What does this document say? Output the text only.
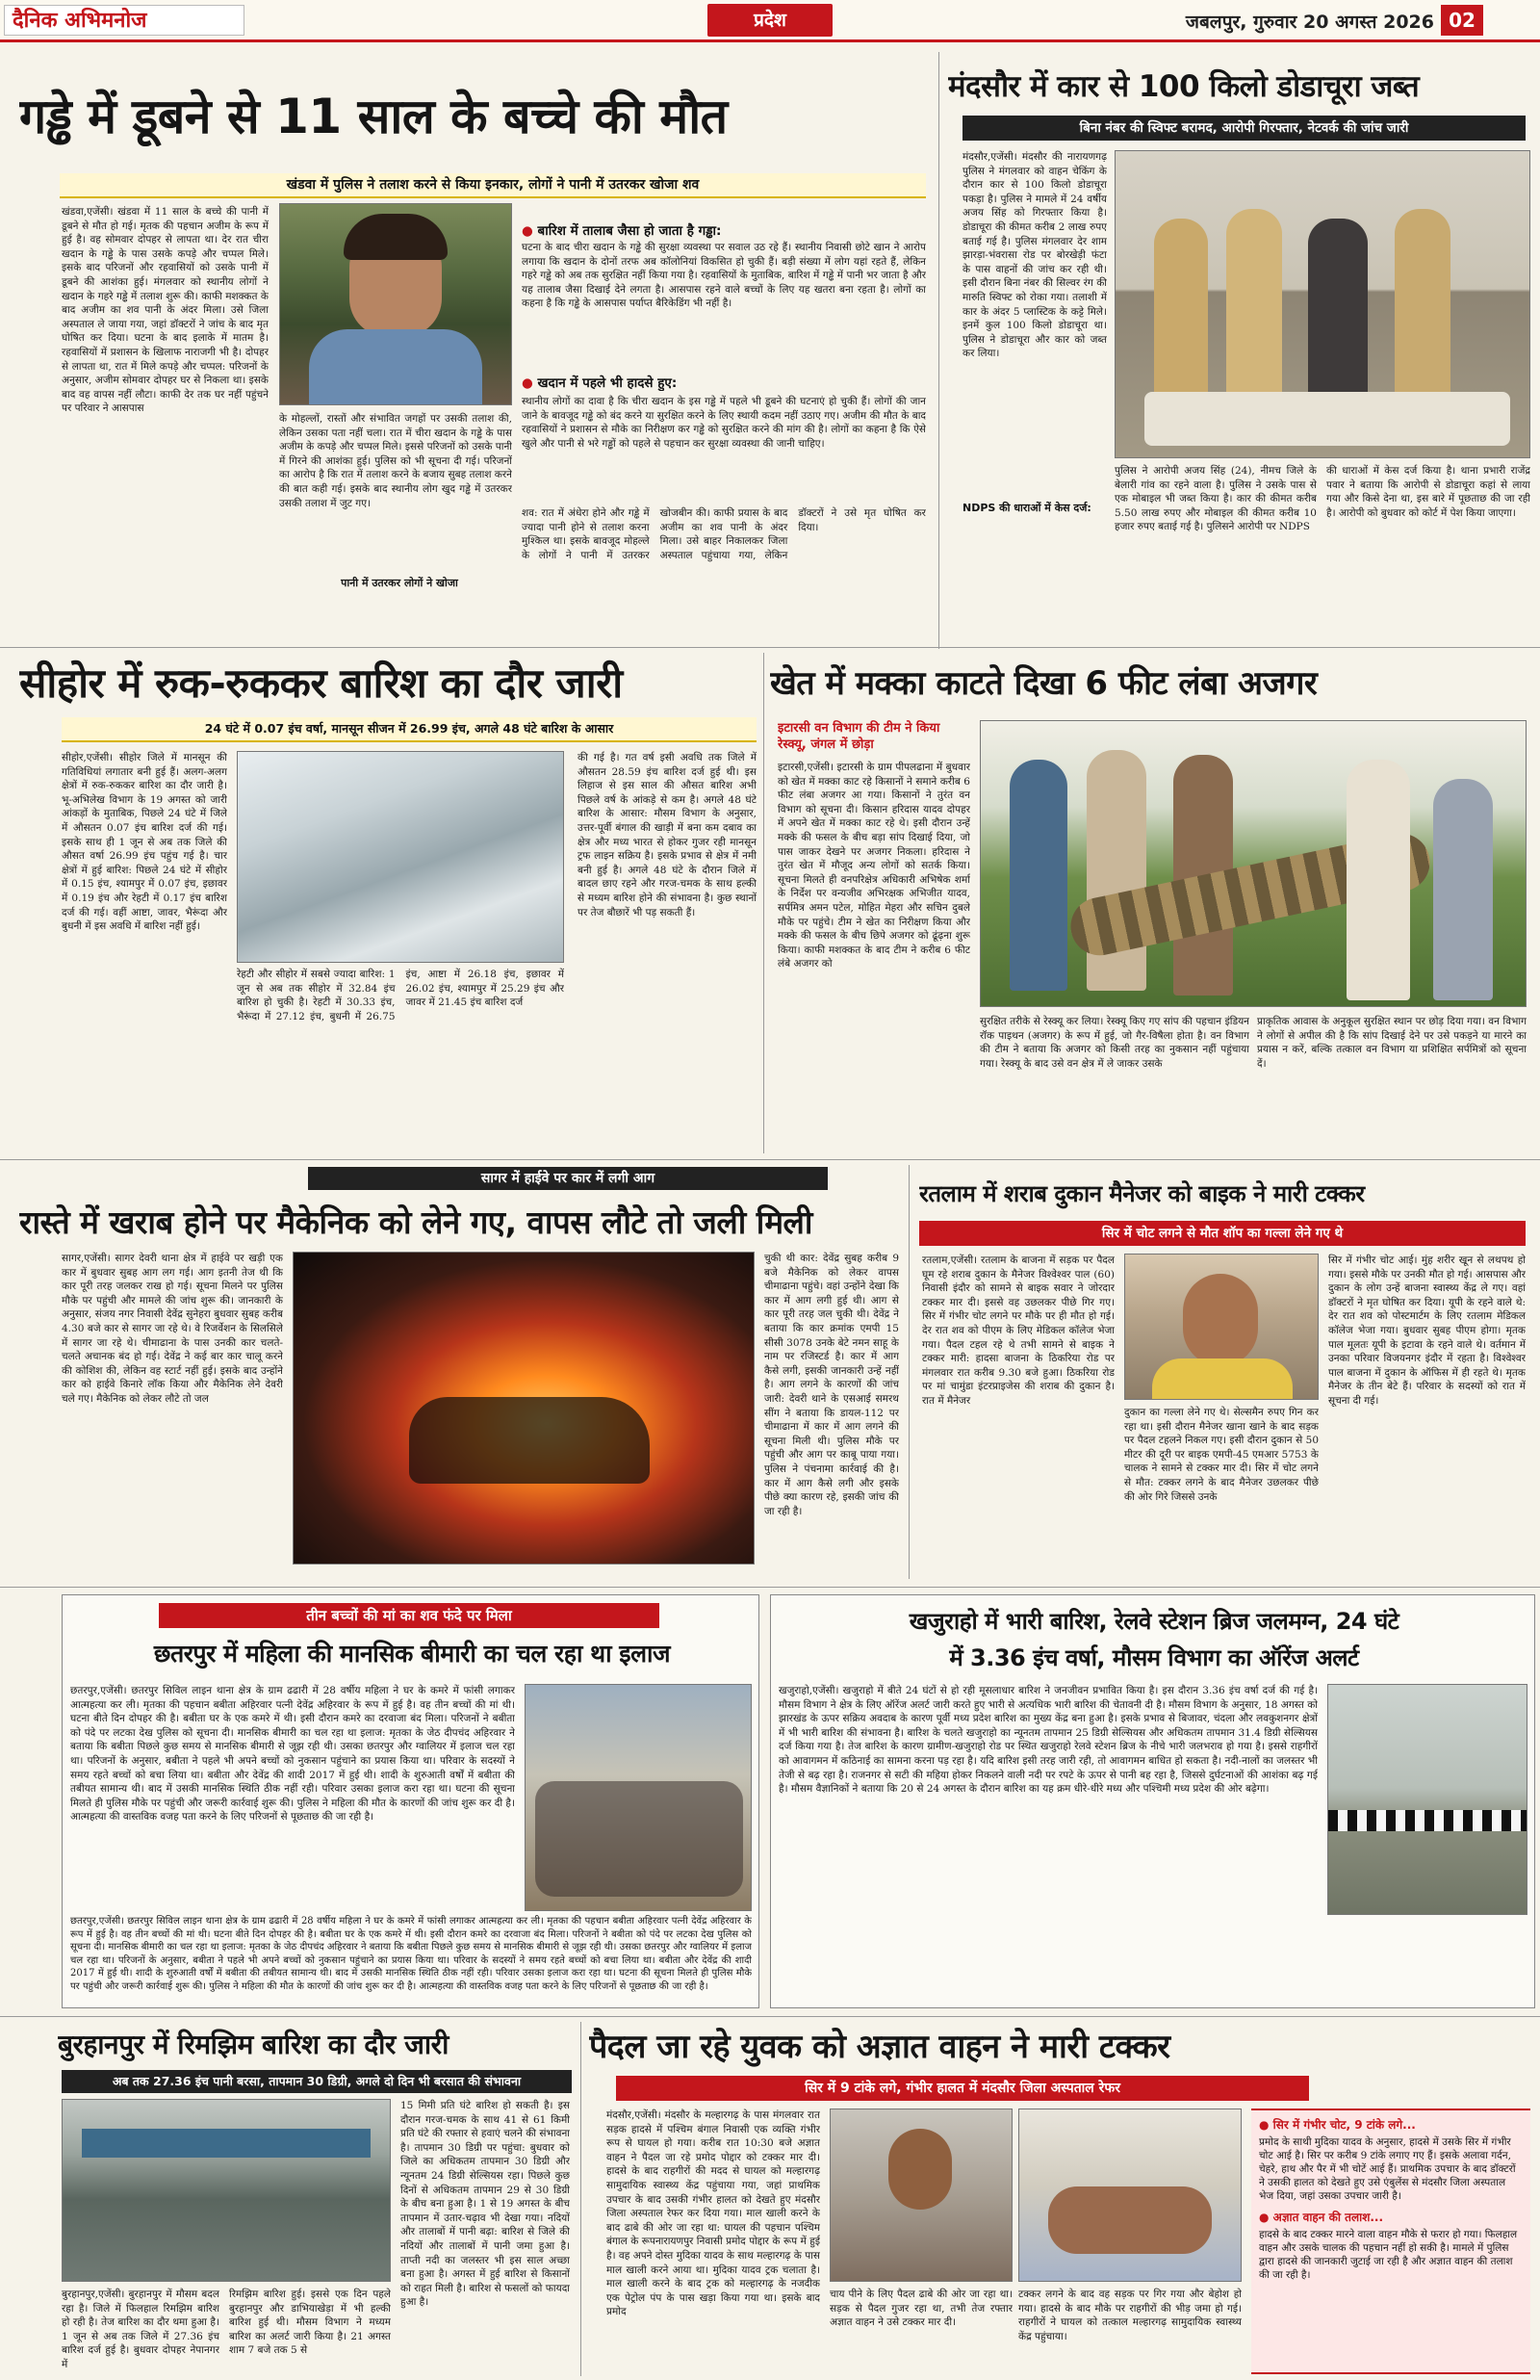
दैनिक अभिमनोज	प्रदेश	जबलपुर, गुरुवार 20 अगस्त 2026 02
गड्ढे में डूबने से 11 साल के बच्चे की मौत
खंडवा में पुलिस ने तलाश करने से किया इनकार, लोगों ने पानी में उतरकर खोजा शव
खंडवा,एजेंसी। खंडवा में 11 साल के बच्चे की पानी में डूबने से मौत हो गई। मृतक की पहचान अजीम के रूप में हुई है। वह सोमवार दोपहर से लापता था। देर रात चीरा खदान के गड्ढे के पास उसके कपड़े और चप्पल मिले। इसके बाद परिजनों और रहवासियों को उसके पानी में डूबने की आशंका हुई। मंगलवार को स्थानीय लोगों ने खदान के गहरे गड्ढे में तलाश शुरू की। काफी मशक्कत के बाद अजीम का शव पानी के अंदर मिला। उसे जिला अस्पताल ले जाया गया, जहां डॉक्टरों ने जांच के बाद मृत घोषित कर दिया। घटना के बाद इलाके में मातम है। रहवासियों में प्रशासन के खिलाफ नाराजगी भी है। दोपहर से लापता था, रात में मिले कपड़े और चप्पल: परिजनों के अनुसार, अजीम सोमवार दोपहर घर से निकला था। इसके बाद वह वापस नहीं लौटा। काफी देर तक घर नहीं पहुंचने पर परिवार ने आसपास
के मोहल्लों, रास्तों और संभावित जगहों पर उसकी तलाश की, लेकिन उसका पता नहीं चला। रात में चीरा खदान के गड्ढे के पास अजीम के कपड़े और चप्पल मिले। इससे परिजनों को उसके पानी में गिरने की आशंका हुई। पुलिस को भी सूचना दी गई। परिजनों का आरोप है कि रात में तलाश करने के बजाय सुबह तलाश करने की बात कही गई। इसके बाद स्थानीय लोग खुद गड्ढे में उतरकर उसकी तलाश में जुट गए।
पानी में उतरकर लोगों ने खोजा
● बारिश में तालाब जैसा हो जाता है गड्ढा:
घटना के बाद चीरा खदान के गड्ढे की सुरक्षा व्यवस्था पर सवाल उठ रहे हैं। स्थानीय निवासी छोटे खान ने आरोप लगाया कि खदान के दोनों तरफ अब कॉलोनियां विकसित हो चुकी हैं। बड़ी संख्या में लोग यहां रहते हैं, लेकिन गहरे गड्ढे को अब तक सुरक्षित नहीं किया गया है। रहवासियों के मुताबिक, बारिश में गड्ढे में पानी भर जाता है और यह तालाब जैसा दिखाई देने लगता है। आसपास रहने वाले बच्चों के लिए यह खतरा बना रहता है। लोगों का कहना है कि गड्ढे के आसपास पर्याप्त बैरिकेडिंग भी नहीं है।
● खदान में पहले भी हादसे हुए:
स्थानीय लोगों का दावा है कि चीरा खदान के इस गड्ढे में पहले भी डूबने की घटनाएं हो चुकी हैं। लोगों की जान जाने के बावजूद गड्ढे को बंद करने या सुरक्षित करने के लिए स्थायी कदम नहीं उठाए गए। अजीम की मौत के बाद रहवासियों ने प्रशासन से मौके का निरीक्षण कर गड्ढे को सुरक्षित करने की मांग की है। लोगों का कहना है कि ऐसे खुले और पानी से भरे गड्ढों को पहले से पहचान कर सुरक्षा व्यवस्था की जानी चाहिए।
शव: रात में अंधेरा होने और गड्ढे में ज्यादा पानी होने से तलाश करना मुश्किल था। इसके बावजूद मोहल्ले के लोगों ने पानी में उतरकर खोजबीन की। काफी प्रयास के बाद अजीम का शव पानी के अंदर मिला। उसे बाहर निकालकर जिला अस्पताल पहुंचाया गया, लेकिन डॉक्टरों ने उसे मृत घोषित कर दिया।
मंदसौर में कार से 100 किलो डोडाचूरा जब्त
बिना नंबर की स्विफ्ट बरामद, आरोपी गिरफ्तार, नेटवर्क की जांच जारी
मंदसौर,एजेंसी। मंदसौर की नारायणगढ़ पुलिस ने मंगलवार को वाहन चेकिंग के दौरान कार से 100 किलो डोडाचूरा पकड़ा है। पुलिस ने मामले में 24 वर्षीय अजय सिंह को गिरफ्तार किया है। डोडाचूरा की कीमत करीब 2 लाख रुपए बताई गई है। पुलिस मंगलवार देर शाम झारड़ा-भंवरासा रोड पर बोरखेड़ी फंटा के पास वाहनों की जांच कर रही थी। इसी दौरान बिना नंबर की सिल्वर रंग की मारुति स्विफ्ट को रोका गया। तलाशी में कार के अंदर 5 प्लास्टिक के कट्टे मिले। इनमें कुल 100 किलो डोडाचूरा था। पुलिस ने डोडाचूरा और कार को जब्त कर लिया।
NDPS की धाराओं में केस दर्ज:
पुलिस ने आरोपी अजय सिंह (24), नीमच जिले के बेलारी गांव का रहने वाला है। पुलिस ने उसके पास से एक मोबाइल भी जब्त किया है। कार की कीमत करीब 5.50 लाख रुपए और मोबाइल की कीमत करीब 10 हजार रुपए बताई गई है। पुलिसने आरोपी पर NDPS
की धाराओं में केस दर्ज किया है। थाना प्रभारी राजेंद्र पवार ने बताया कि आरोपी से डोडाचूरा कहां से लाया गया और किसे देना था, इस बारे में पूछताछ की जा रही है। आरोपी को बुधवार को कोर्ट में पेश किया जाएगा।
सीहोर में रुक-रुककर बारिश का दौर जारी
24 घंटे में 0.07 इंच वर्षा, मानसून सीजन में 26.99 इंच, अगले 48 घंटे बारिश के आसार
सीहोर,एजेंसी। सीहोर जिले में मानसून की गतिविधियां लगातार बनी हुई हैं। अलग-अलग क्षेत्रों में रुक-रुककर बारिश का दौर जारी है। भू-अभिलेख विभाग के 19 अगस्त को जारी आंकड़ों के मुताबिक, पिछले 24 घंटे में जिले में औसतन 0.07 इंच बारिश दर्ज की गई। इसके साथ ही 1 जून से अब तक जिले की औसत वर्षा 26.99 इंच पहुंच गई है। चार क्षेत्रों में हुई बारिश: पिछले 24 घंटे में सीहोर में 0.15 इंच, श्यामपुर में 0.07 इंच, इछावर में 0.19 इंच और रेहटी में 0.17 इंच बारिश दर्ज की गई। वहीं आष्टा, जावर, भैरूंदा और बुधनी में इस अवधि में बारिश नहीं हुई।
की गई है। गत वर्ष इसी अवधि तक जिले में औसतन 28.59 इंच बारिश दर्ज हुई थी। इस लिहाज से इस साल की औसत बारिश अभी पिछले वर्ष के आंकड़े से कम है। अगले 48 घंटे बारिश के आसार: मौसम विभाग के अनुसार, उत्तर-पूर्वी बंगाल की खाड़ी में बना कम दबाव का क्षेत्र और मध्य भारत से होकर गुजर रही मानसून ट्रफ लाइन सक्रिय है। इसके प्रभाव से क्षेत्र में नमी बनी हुई है। अगले 48 घंटे के दौरान जिले में बादल छाए रहने और गरज-चमक के साथ हल्की से मध्यम बारिश होने की संभावना है। कुछ स्थानों पर तेज बौछारें भी पड़ सकती हैं।
रेहटी और सीहोर में सबसे ज्यादा बारिश: 1 जून से अब तक सीहोर में 32.84 इंच बारिश हो चुकी है। रेहटी में 30.33 इंच, भैरूंदा में 27.12 इंच, बुधनी में 26.75 इंच, आष्टा में 26.18 इंच, इछावर में 26.02 इंच, श्यामपुर में 25.29 इंच और जावर में 21.45 इंच बारिश दर्ज
खेत में मक्का काटते दिखा 6 फीट लंबा अजगर
इटारसी वन विभाग की टीम ने किया रेस्क्यू, जंगल में छोड़ा
इटारसी,एजेंसी। इटारसी के ग्राम पीपलढाना में बुधवार को खेत में मक्का काट रहे किसानों ने समाने करीब 6 फीट लंबा अजगर आ गया। किसानों ने तुरंत वन विभाग को सूचना दी। किसान हरिदास यादव दोपहर में अपने खेत में मक्का काट रहे थे। इसी दौरान उन्हें मक्के की फसल के बीच बड़ा सांप दिखाई दिया, जो पास जाकर देखने पर अजगर निकला। हरिदास ने तुरंत खेत में मौजूद अन्य लोगों को सतर्क किया। सूचना मिलते ही वनपरिक्षेत्र अधिकारी अभिषेक शर्मा के निर्देश पर वन्यजीव अभिरक्षक अभिजीत यादव, सर्पमित्र अमन पटेल, मोहित मेहरा और सचिन दुबले मौके पर पहुंचे। टीम ने खेत का निरीक्षण किया और मक्के की फसल के बीच छिपे अजगर को ढूंढ़ना शुरू किया। काफी मशक्कत के बाद टीम ने करीब 6 फीट लंबे अजगर को
सुरक्षित तरीके से रेस्क्यू कर लिया। रेस्क्यू किए गए सांप की पहचान इंडियन रॉक पाइथन (अजगर) के रूप में हुई, जो गैर-विषैला होता है। वन विभाग की टीम ने बताया कि अजगर को किसी तरह का नुकसान नहीं पहुंचाया गया। रेस्क्यू के बाद उसे वन क्षेत्र में ले जाकर उसके
प्राकृतिक आवास के अनुकूल सुरक्षित स्थान पर छोड़ दिया गया। वन विभाग ने लोगों से अपील की है कि सांप दिखाई देने पर उसे पकड़ने या मारने का प्रयास न करें, बल्कि तत्काल वन विभाग या प्रशिक्षित सर्पमित्रों को सूचना दें।
सागर में हाईवे पर कार में लगी आग
रास्ते में खराब होने पर मैकेनिक को लेने गए, वापस लौटे तो जली मिली
सागर,एजेंसी। सागर देवरी थाना क्षेत्र में हाईवे पर खड़ी एक कार में बुधवार सुबह आग लग गई। आग इतनी तेज थी कि कार पूरी तरह जलकर राख हो गई। सूचना मिलने पर पुलिस मौके पर पहुंची और मामले की जांच शुरू की। जानकारी के अनुसार, संजय नगर निवासी देवेंद्र सुनेहरा बुधवार सुबह करीब 4.30 बजे कार से सागर जा रहे थे। वे रिजर्वेशन के सिलसिले में सागर जा रहे थे। चीमाढाना के पास उनकी कार चलते-चलते अचानक बंद हो गई। देवेंद्र ने कई बार कार चालू करने की कोशिश की, लेकिन वह स्टार्ट नहीं हुई। इसके बाद उन्होंने कार को हाईवे किनारे लॉक किया और मैकेनिक लेने देवरी चले गए। मैकेनिक को लेकर लौटे तो जल
चुकी थी कार: देवेंद्र सुबह करीब 9 बजे मैकेनिक को लेकर वापस चीमाढाना पहुंचे। वहां उन्होंने देखा कि कार में आग लगी हुई थी। आग से कार पूरी तरह जल चुकी थी। देवेंद्र ने बताया कि कार क्रमांक एमपी 15 सीसी 3078 उनके बेटे नमन साहू के नाम पर रजिस्टर्ड है। कार में आग कैसे लगी, इसकी जानकारी उन्हें नहीं है। आग लगने के कारणों की जांच जारी: देवरी थाने के एसआई समरथ सींग ने बताया कि डायल-112 पर चीमाढाना में कार में आग लगने की सूचना मिली थी। पुलिस मौके पर पहुंची और आग पर काबू पाया गया। पुलिस ने पंचनामा कार्रवाई की है। कार में आग कैसे लगी और इसके पीछे क्या कारण रहे, इसकी जांच की जा रही है।
रतलाम में शराब दुकान मैनेजर को बाइक ने मारी टक्कर
सिर में चोट लगने से मौत शॉप का गल्ला लेने गए थे
रतलाम,एजेंसी। रतलाम के बाजना में सड़क पर पैदल घूम रहे शराब दुकान के मैनेजर विश्वेश्वर पाल (60) निवासी इंदौर को सामने से बाइक सवार ने जोरदार टक्कर मार दी। इससे वह उछलकर पीछे गिर गए। सिर में गंभीर चोट लगने पर मौके पर ही मौत हो गई। देर रात शव को पीएम के लिए मेडिकल कॉलेज भेजा गया। पैदल टहल रहे थे तभी सामने से बाइक ने टक्कर मारी: हादसा बाजना के ठिकरिया रोड पर मंगलवार रात करीब 9.30 बजे हुआ। ठिकरिया रोड पर मां चामुंडा इंटरप्राइजेस की शराब की दुकान है। रात में मैनेजर
दुकान का गल्ला लेने गए थे। सेल्समैन रुपए गिन कर रहा था। इसी दौरान मैनेजर खाना खाने के बाद सड़क पर पैदल टहलने निकल गए। इसी दौरान दुकान से 50 मीटर की दूरी पर बाइक एमपी-45 एमआर 5753 के चालक ने सामने से टक्कर मार दी। सिर में चोट लगने से मौत: टक्कर लगने के बाद मैनेजर उछलकर पीछे की ओर गिरे जिससे उनके
सिर में गंभीर चोट आई। मुंह शरीर खून से लथपथ हो गया। इससे मौके पर उनकी मौत हो गई। आसपास और दुकान के लोग उन्हें बाजना स्वास्थ्य केंद्र ले गए। वहां डॉक्टरों ने मृत घोषित कर दिया। यूपी के रहने वाले थे: देर रात शव को पोस्टमार्टम के लिए रतलाम मेडिकल कॉलेज भेजा गया। बुधवार सुबह पीएम होगा। मृतक पाल मूलतः यूपी के इटावा के रहने वाले थे। वर्तमान में उनका परिवार विजयनगर इंदौर में रहता है। विश्वेश्वर पाल बाजना में दुकान के ऑफिस में ही रहते थे। मृतक मैनेजर के तीन बेटे हैं। परिवार के सदस्यों को रात में सूचना दी गई।
तीन बच्चों की मां का शव फंदे पर मिला
छतरपुर में महिला की मानसिक बीमारी का चल रहा था इलाज
छतरपुर,एजेंसी। छतरपुर सिविल लाइन थाना क्षेत्र के ग्राम ढढारी में 28 वर्षीय महिला ने घर के कमरे में फांसी लगाकर आत्महत्या कर ली। मृतका की पहचान बबीता अहिरवार पत्नी देवेंद्र अहिरवार के रूप में हुई है। वह तीन बच्चों की मां थी। घटना बीते दिन दोपहर की है। बबीता घर के एक कमरे में थी। इसी दौरान कमरे का दरवाजा बंद मिला। परिजनों ने बबीता को पंदे पर लटका देख पुलिस को सूचना दी। मानसिक बीमारी का चल रहा था इलाज: मृतका के जेठ दीपचंद अहिरवार ने बताया कि बबीता पिछले कुछ समय से मानसिक बीमारी से जूझ रही थी। उसका छतरपुर और ग्वालियर में इलाज चल रहा था। परिजनों के अनुसार, बबीता ने पहले भी अपने बच्चों को नुकसान पहुंचाने का प्रयास किया था। परिवार के सदस्यों ने समय रहते बच्चों को बचा लिया था। बबीता और देवेंद्र की शादी 2017 में हुई थी। शादी के शुरुआती वर्षों में बबीता की तबीयत सामान्य थी। बाद में उसकी मानसिक स्थिति ठीक नहीं रही। परिवार उसका इलाज करा रहा था। घटना की सूचना मिलते ही पुलिस मौके पर पहुंची और जरूरी कार्रवाई शुरू की। पुलिस ने महिला की मौत के कारणों की जांच शुरू कर दी है। आत्महत्या की वास्तविक वजह पता करने के लिए परिजनों से पूछताछ की जा रही है।
छतरपुर,एजेंसी। छतरपुर सिविल लाइन थाना क्षेत्र के ग्राम ढढारी में 28 वर्षीय महिला ने घर के कमरे में फांसी लगाकर आत्महत्या कर ली। मृतका की पहचान बबीता अहिरवार पत्नी देवेंद्र अहिरवार के रूप में हुई है। वह तीन बच्चों की मां थी। घटना बीते दिन दोपहर की है। बबीता घर के एक कमरे में थी। इसी दौरान कमरे का दरवाजा बंद मिला। परिजनों ने बबीता को पंदे पर लटका देख पुलिस को सूचना दी। मानसिक बीमारी का चल रहा था इलाज: मृतका के जेठ दीपचंद अहिरवार ने बताया कि बबीता पिछले कुछ समय से मानसिक बीमारी से जूझ रही थी। उसका छतरपुर और ग्वालियर में इलाज चल रहा था। परिजनों के अनुसार, बबीता ने पहले भी अपने बच्चों को नुकसान पहुंचाने का प्रयास किया था। परिवार के सदस्यों ने समय रहते बच्चों को बचा लिया था। बबीता और देवेंद्र की शादी 2017 में हुई थी। शादी के शुरुआती वर्षों में बबीता की तबीयत सामान्य थी। बाद में उसकी मानसिक स्थिति ठीक नहीं रही। परिवार उसका इलाज करा रहा था। घटना की सूचना मिलते ही पुलिस मौके पर पहुंची और जरूरी कार्रवाई शुरू की। पुलिस ने महिला की मौत के कारणों की जांच शुरू कर दी है। आत्महत्या की वास्तविक वजह पता करने के लिए परिजनों से पूछताछ की जा रही है।
खजुराहो में भारी बारिश, रेलवे स्टेशन ब्रिज जलमग्न, 24 घंटे
में 3.36 इंच वर्षा, मौसम विभाग का ऑरेंज अलर्ट
खजुराहो,एजेंसी। खजुराहो में बीते 24 घंटों से हो रही मूसलाधार बारिश ने जनजीवन प्रभावित किया है। इस दौरान 3.36 इंच वर्षा दर्ज की गई है। मौसम विभाग ने क्षेत्र के लिए ऑरेंज अलर्ट जारी करते हुए भारी से अत्यधिक भारी बारिश की चेतावनी दी है। मौसम विभाग के अनुसार, 18 अगस्त को झारखंड के ऊपर सक्रिय अवदाब के कारण पूर्वी मध्य प्रदेश बारिश का मुख्य केंद्र बना हुआ है। इसके प्रभाव से बिजावर, चंदला और लवकुशनगर क्षेत्रों में भी भारी बारिश की संभावना है। बारिश के चलते खजुराहो का न्यूनतम तापमान 25 डिग्री सेल्सियस और अधिकतम तापमान 31.4 डिग्री सेल्सियस दर्ज किया गया है। तेज बारिश के कारण ग्रामीण-खजुराहो रोड पर स्थित खजुराहो रेलवे स्टेशन ब्रिज के नीचे भारी जलभराव हो गया है। इससे राहगीरों को आवागमन में कठिनाई का सामना करना पड़ रहा है। यदि बारिश इसी तरह जारी रही, तो आवागमन बाधित हो सकता है। नदी-नालों का जलस्तर भी तेजी से बढ़ रहा है। राजनगर से सटी की महिया होकर निकलने वाली नदी पर रपटे के ऊपर से पानी बह रहा है, जिससे दुर्घटनाओं की आशंका बढ़ गई है। मौसम वैज्ञानिकों ने बताया कि 20 से 24 अगस्त के दौरान बारिश का यह क्रम धीरे-धीरे मध्य और पश्चिमी मध्य प्रदेश की ओर बढ़ेगा।
बुरहानपुर में रिमझिम बारिश का दौर जारी
अब तक 27.36 इंच पानी बरसा, तापमान 30 डिग्री, अगले दो दिन भी बरसात की संभावना
15 मिमी प्रति घंटे बारिश हो सकती है। इस दौरान गरज-चमक के साथ 41 से 61 किमी प्रति घंटे की रफ्तार से हवाएं चलने की संभावना है। तापमान 30 डिग्री पर पहुंचा: बुधवार को जिले का अधिकतम तापमान 30 डिग्री और न्यूनतम 24 डिग्री सेल्सियस रहा। पिछले कुछ दिनों से अधिकतम तापमान 29 से 30 डिग्री के बीच बना हुआ है। 1 से 19 अगस्त के बीच तापमान में उतार-चढ़ाव भी देखा गया। नदियों और तालाबों में पानी बढ़ा: बारिश से जिले की नदियों और तालाबों में पानी जमा हुआ है। ताप्ती नदी का जलस्तर भी इस साल अच्छा बना हुआ है। अगस्त में हुई बारिश से किसानों को राहत मिली है। बारिश से फसलों को फायदा हुआ है।
बुरहानपुर,एजेंसी। बुरहानपुर में मौसम बदल रहा है। जिले में फिलहाल रिमझिम बारिश हो रही है। तेज बारिश का दौर थमा हुआ है। 1 जून से अब तक जिले में 27.36 इंच बारिश दर्ज हुई है। बुधवार दोपहर नेपानगर में
रिमझिम बारिश हुई। इससे एक दिन पहले बुरहानपुर और डाभियाखेड़ा में भी हल्की बारिश हुई थी। मौसम विभाग ने मध्यम बारिश का अलर्ट जारी किया है। 21 अगस्त शाम 7 बजे तक 5 से
पैदल जा रहे युवक को अज्ञात वाहन ने मारी टक्कर
सिर में 9 टांके लगे, गंभीर हालत में मंदसौर जिला अस्पताल रेफर
मंदसौर,एजेंसी। मंदसौर के मल्हारगढ़ के पास मंगलवार रात सड़क हादसे में पश्चिम बंगाल निवासी एक व्यक्ति गंभीर रूप से घायल हो गया। करीब रात 10:30 बजे अज्ञात वाहन ने पैदल जा रहे प्रमोद पोद्दार को टक्कर मार दी। हादसे के बाद राहगीरों की मदद से घायल को मल्हारगढ़ सामुदायिक स्वास्थ्य केंद्र पहुंचाया गया, जहां प्राथमिक उपचार के बाद उसकी गंभीर हालत को देखते हुए मंदसौर जिला अस्पताल रेफर कर दिया गया। माल खाली करने के बाद ढाबे की ओर जा रहा था: घायल की पहचान पश्चिम बंगाल के रूपनारायणपुर निवासी प्रमोद पोद्दार के रूप में हुई है। वह अपने दोस्त मुदिका यादव के साथ मल्हारगढ़ के पास माल खाली करने आया था। मुदिका यादव ट्रक चलाता है। माल खाली करने के बाद ट्रक को मल्हारगढ़ के नजदीक एक पेट्रोल पंप के पास खड़ा किया गया था। इसके बाद प्रमोद
चाय पीने के लिए पैदल ढाबे की ओर जा रहा था। सड़क से पैदल गुजर रहा था, तभी तेज रफ्तार अज्ञात वाहन ने उसे टक्कर मार दी।
टक्कर लगने के बाद वह सड़क पर गिर गया और बेहोश हो गया। हादसे के बाद मौके पर राहगीरों की भीड़ जमा हो गई। राहगीरों ने घायल को तत्काल मल्हारगढ़ सामुदायिक स्वास्थ्य केंद्र पहुंचाया।
● सिर में गंभीर चोट, 9 टांके लगे...
प्रमोद के साथी मुदिका यादव के अनुसार, हादसे में उसके सिर में गंभीर चोट आई है। सिर पर करीब 9 टांके लगाए गए हैं। इसके अलावा गर्दन, चेहरे, हाथ और पैर में भी चोटें आई हैं। प्राथमिक उपचार के बाद डॉक्टरों ने उसकी हालत को देखते हुए उसे एंबुलेंस से मंदसौर जिला अस्पताल भेज दिया, जहां उसका उपचार जारी है।
● अज्ञात वाहन की तलाश...
हादसे के बाद टक्कर मारने वाला वाहन मौके से फरार हो गया। फिलहाल वाहन और उसके चालक की पहचान नहीं हो सकी है। मामले में पुलिस द्वारा हादसे की जानकारी जुटाई जा रही है और अज्ञात वाहन की तलाश की जा रही है।
